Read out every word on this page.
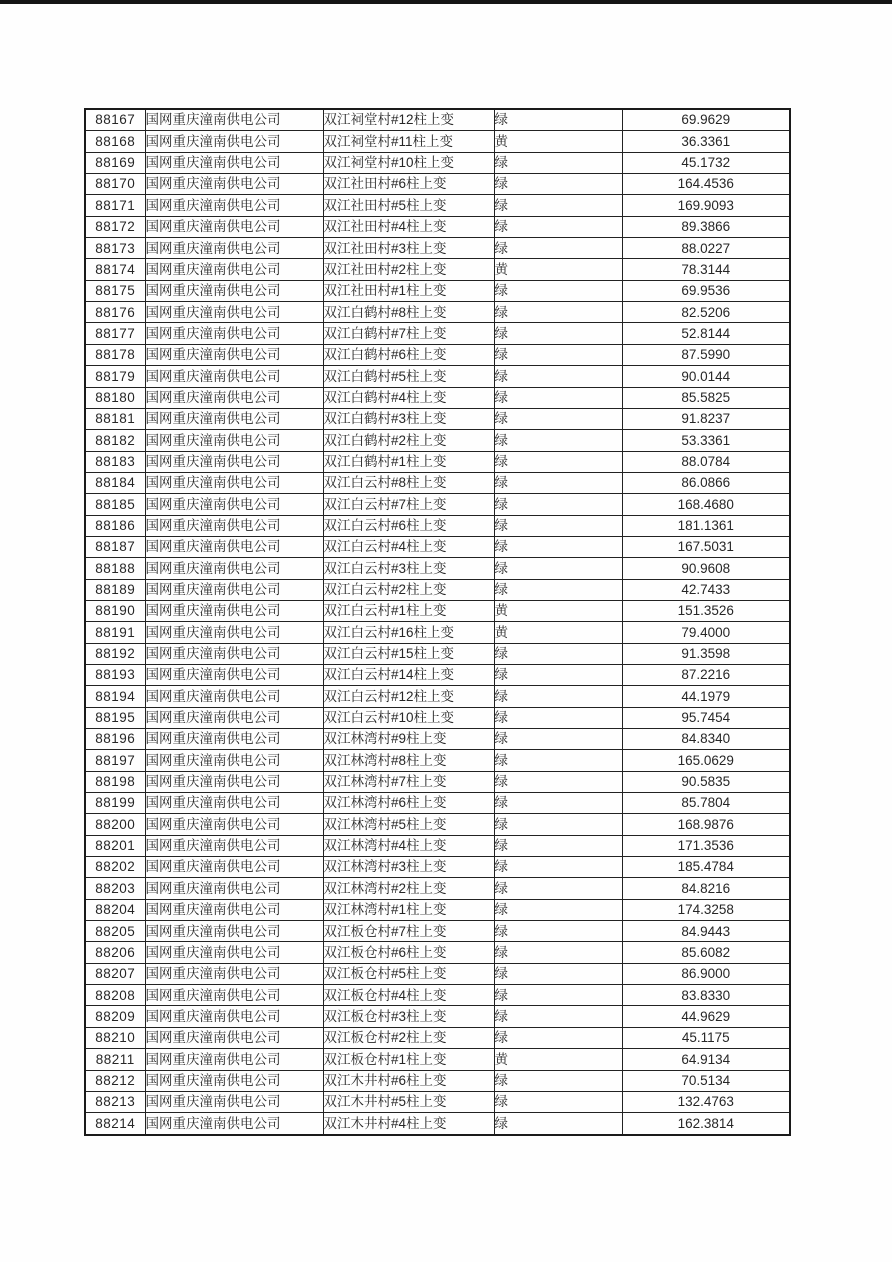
88167	国网重庆潼南供电公司	双江祠堂村#12柱上变	绿	69.9629
88168	国网重庆潼南供电公司	双江祠堂村#11柱上变	黄	36.3361
88169	国网重庆潼南供电公司	双江祠堂村#10柱上变	绿	45.1732
88170	国网重庆潼南供电公司	双江社田村#6柱上变	绿	164.4536
88171	国网重庆潼南供电公司	双江社田村#5柱上变	绿	169.9093
88172	国网重庆潼南供电公司	双江社田村#4柱上变	绿	89.3866
88173	国网重庆潼南供电公司	双江社田村#3柱上变	绿	88.0227
88174	国网重庆潼南供电公司	双江社田村#2柱上变	黄	78.3144
88175	国网重庆潼南供电公司	双江社田村#1柱上变	绿	69.9536
88176	国网重庆潼南供电公司	双江白鹤村#8柱上变	绿	82.5206
88177	国网重庆潼南供电公司	双江白鹤村#7柱上变	绿	52.8144
88178	国网重庆潼南供电公司	双江白鹤村#6柱上变	绿	87.5990
88179	国网重庆潼南供电公司	双江白鹤村#5柱上变	绿	90.0144
88180	国网重庆潼南供电公司	双江白鹤村#4柱上变	绿	85.5825
88181	国网重庆潼南供电公司	双江白鹤村#3柱上变	绿	91.8237
88182	国网重庆潼南供电公司	双江白鹤村#2柱上变	绿	53.3361
88183	国网重庆潼南供电公司	双江白鹤村#1柱上变	绿	88.0784
88184	国网重庆潼南供电公司	双江白云村#8柱上变	绿	86.0866
88185	国网重庆潼南供电公司	双江白云村#7柱上变	绿	168.4680
88186	国网重庆潼南供电公司	双江白云村#6柱上变	绿	181.1361
88187	国网重庆潼南供电公司	双江白云村#4柱上变	绿	167.5031
88188	国网重庆潼南供电公司	双江白云村#3柱上变	绿	90.9608
88189	国网重庆潼南供电公司	双江白云村#2柱上变	绿	42.7433
88190	国网重庆潼南供电公司	双江白云村#1柱上变	黄	151.3526
88191	国网重庆潼南供电公司	双江白云村#16柱上变	黄	79.4000
88192	国网重庆潼南供电公司	双江白云村#15柱上变	绿	91.3598
88193	国网重庆潼南供电公司	双江白云村#14柱上变	绿	87.2216
88194	国网重庆潼南供电公司	双江白云村#12柱上变	绿	44.1979
88195	国网重庆潼南供电公司	双江白云村#10柱上变	绿	95.7454
88196	国网重庆潼南供电公司	双江林湾村#9柱上变	绿	84.8340
88197	国网重庆潼南供电公司	双江林湾村#8柱上变	绿	165.0629
88198	国网重庆潼南供电公司	双江林湾村#7柱上变	绿	90.5835
88199	国网重庆潼南供电公司	双江林湾村#6柱上变	绿	85.7804
88200	国网重庆潼南供电公司	双江林湾村#5柱上变	绿	168.9876
88201	国网重庆潼南供电公司	双江林湾村#4柱上变	绿	171.3536
88202	国网重庆潼南供电公司	双江林湾村#3柱上变	绿	185.4784
88203	国网重庆潼南供电公司	双江林湾村#2柱上变	绿	84.8216
88204	国网重庆潼南供电公司	双江林湾村#1柱上变	绿	174.3258
88205	国网重庆潼南供电公司	双江板仓村#7柱上变	绿	84.9443
88206	国网重庆潼南供电公司	双江板仓村#6柱上变	绿	85.6082
88207	国网重庆潼南供电公司	双江板仓村#5柱上变	绿	86.9000
88208	国网重庆潼南供电公司	双江板仓村#4柱上变	绿	83.8330
88209	国网重庆潼南供电公司	双江板仓村#3柱上变	绿	44.9629
88210	国网重庆潼南供电公司	双江板仓村#2柱上变	绿	45.1175
88211	国网重庆潼南供电公司	双江板仓村#1柱上变	黄	64.9134
88212	国网重庆潼南供电公司	双江木井村#6柱上变	绿	70.5134
88213	国网重庆潼南供电公司	双江木井村#5柱上变	绿	132.4763
88214	国网重庆潼南供电公司	双江木井村#4柱上变	绿	162.3814
